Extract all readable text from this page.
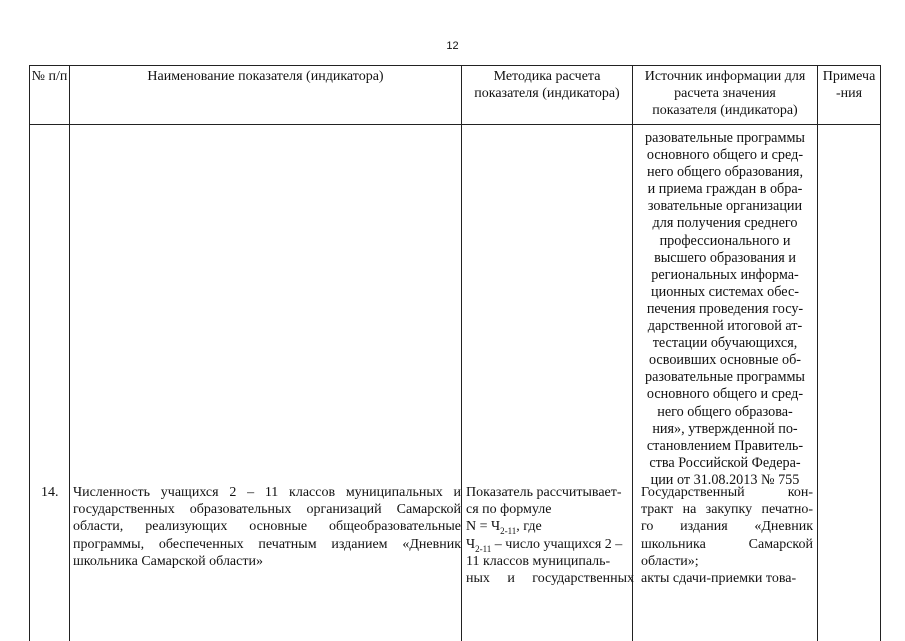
12
№ п/п	Наименование показателя (индикатора)	Методика расчета показателя (индикатора)
Источник информации для расчета значения показателя (индикатора)
Примеча-ния
разовательные программы
основного общего и сред-
него общего образования,
и приема граждан в обра-
зовательные организации
для получения среднего
профессионального и
высшего образования и
региональных информа-
ционных системах обес-
печения проведения госу-
дарственной итоговой ат-
тестации обучающихся,
освоивших основные об-
разовательные программы
основного общего и сред-
него общего образова-
ния», утвержденной по-
становлением Правитель-
ства Российской Федера-
ции от 31.08.2013 № 755
14. Численность учащихся 2 – 11 классов муниципальных и государственных образовательных организаций Самарской области, реализующих основные общеобразовательные программы, обеспеченных печатным изданием «Дневник школьника Самарской области»
Показатель рассчитывает-
ся по формуле
$N = Ч_{2-11}$, где
$Ч_{2-11}$ – число учащихся 2 –
11 классов муниципаль-
ных и государственных
Государственный кон-
тракт на закупку печатно-
го издания «Дневник
школьника Самарской
области»;
акты сдачи-приемки това-
